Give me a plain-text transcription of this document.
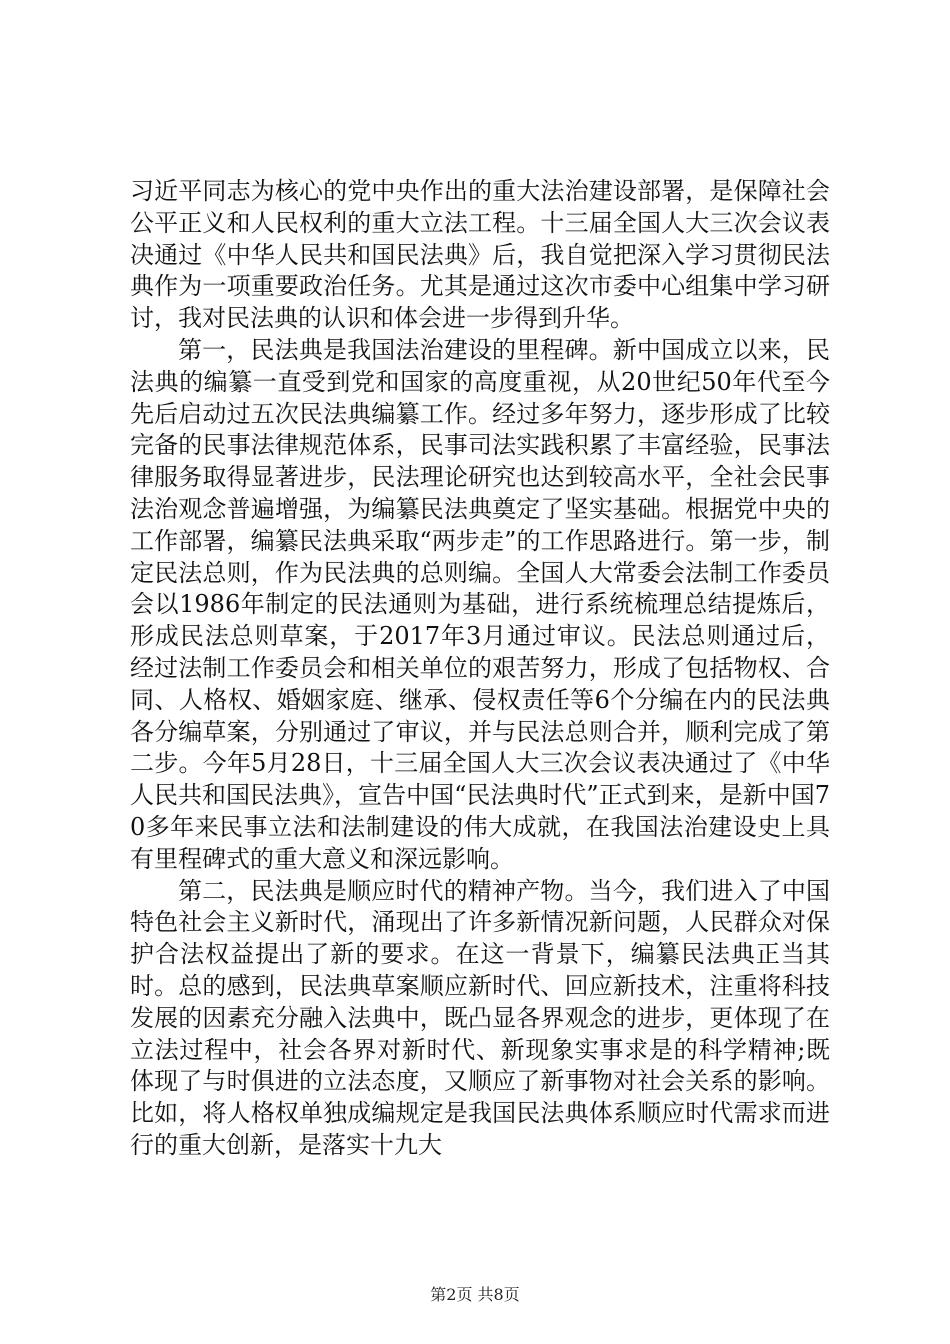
习近平同志为核心的党中央作出的重大法治建设部署，是保障社会公平正义和人民权利的重大立法工程。十三届全国人大三次会议表决通过《中华人民共和国民法典》后，我自觉把深入学习贯彻民法典作为一项重要政治任务。尤其是通过这次市委中心组集中学习研讨，我对民法典的认识和体会进一步得到升华。

第一，民法典是我国法治建设的里程碑。新中国成立以来，民法典的编纂一直受到党和国家的高度重视，从20世纪50年代至今先后启动过五次民法典编纂工作。经过多年努力，逐步形成了比较完备的民事法律规范体系，民事司法实践积累了丰富经验，民事法律服务取得显著进步，民法理论研究也达到较高水平，全社会民事法治观念普遍增强，为编纂民法典奠定了坚实基础。根据党中央的工作部署，编纂民法典采取“两步走”的工作思路进行。第一步，制定民法总则，作为民法典的总则编。全国人大常委会法制工作委员会以1986年制定的民法通则为基础，进行系统梳理总结提炼后，形成民法总则草案，于2017年3月通过审议。民法总则通过后，经过法制工作委员会和相关单位的艰苦努力，形成了包括物权、合同、人格权、婚姻家庭、继承、侵权责任等6个分编在内的民法典各分编草案，分别通过了审议，并与民法总则合并，顺利完成了第二步。今年5月28日，十三届全国人大三次会议表决通过了《中华人民共和国民法典》，宣告中国“民法典时代”正式到来，是新中国70多年来民事立法和法制建设的伟大成就，在我国法治建设史上具有里程碑式的重大意义和深远影响。

第二，民法典是顺应时代的精神产物。当今，我们进入了中国特色社会主义新时代，涌现出了许多新情况新问题，人民群众对保护合法权益提出了新的要求。在这一背景下，编纂民法典正当其时。总的感到，民法典草案顺应新时代、回应新技术，注重将科技发展的因素充分融入法典中，既凸显各界观念的进步，更体现了在立法过程中，社会各界对新时代、新现象实事求是的科学精神;既体现了与时俱进的立法态度，又顺应了新事物对社会关系的影响。比如，将人格权单独成编规定是我国民法典体系顺应时代需求而进行的重大创新，是落实十九大

第2页 共8页
